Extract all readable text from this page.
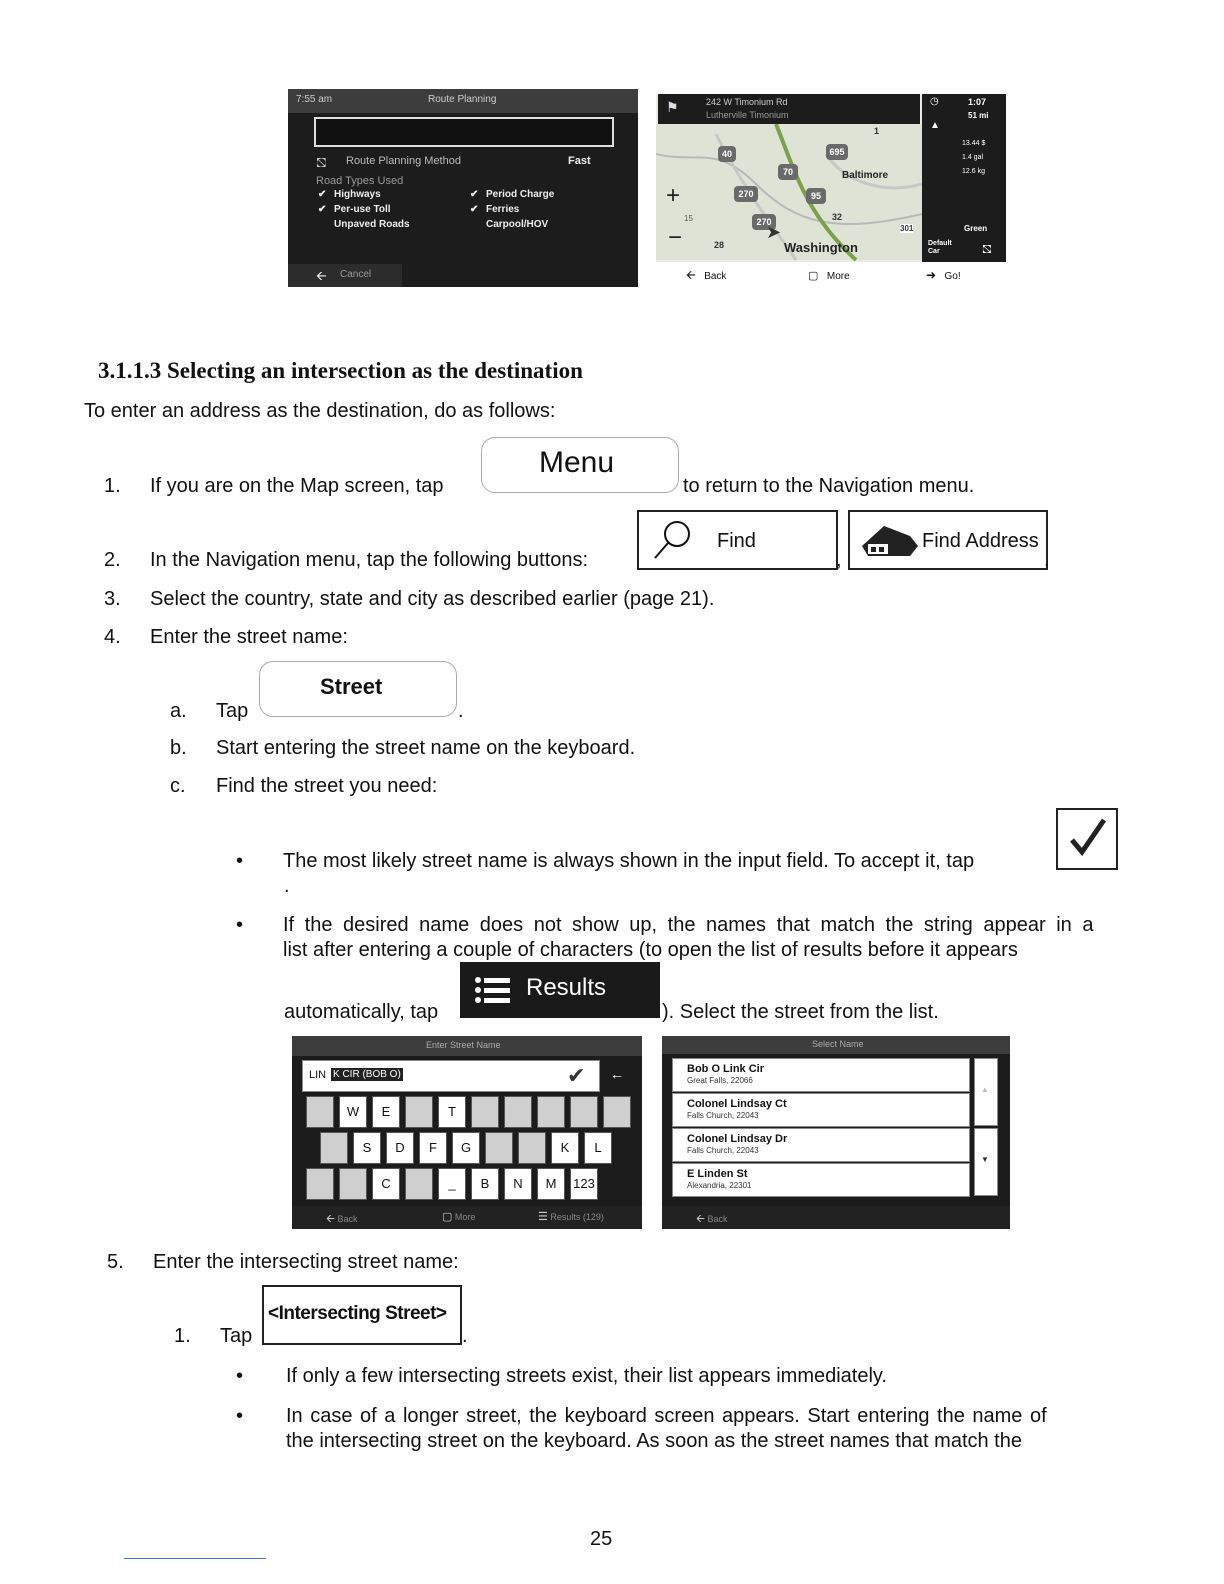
7:55 am	Route Planning
⛞ Route Planning Method	Fast
Road Types Used
✔ Highways
✔ Per-use Toll
Unpaved Roads
✔ Period Charge
✔ Ferries
Carpool/HOV
🡨 Cancel
⚑	242 W Timonium Rd
Lutherville Timonium
40	695
70
270	95
270	32
28
1
301
15
Baltimore
Washington
+
−	➤
◷	1:07
51 mi
▲
13.44 $
1.4 gal
12.6 kg
Green
Default Car	⛞
🡨 Back	▢ More	➜ Go!
3.1.1.3 Selecting an intersection as the destination
To enter an address as the destination, do as follows:
1. If you are on the Map screen, tap
Menu
to return to the Navigation menu.
2. In the Navigation menu, tap the following buttons:
Find	Find Address
,	.
3. Select the country, state and city as described earlier (page 21).
4. Enter the street name:
a. Tap
Street
.
b. Start entering the street name on the keyboard.
c. Find the street you need:
• The most likely street name is always shown in the input field. To accept it, tap
.
• If the desired name does not show up, the names that match the string appear in a
list after entering a couple of characters (to open the list of results before it appears
automatically, tap
Results
). Select the street from the list.
Enter Street Name
LIN K CIR (BOB O)	✔ ←
Q	W	E	R	T	Y	U	I	O	P
A	S	D	F	G	H	J	K	L
Z	X	C	V	_	B	N	M	123
🡨 Back	▢ More	☰ Results (129)
Select Name
Bob O Link Cir
Great Falls, 22066
Colonel Lindsay Ct
Falls Church, 22043
Colonel Lindsay Dr
Falls Church, 22043
E Linden St
Alexandria, 22301
▲
▼
🡨 Back
5. Enter the intersecting street name:
1. Tap
<Intersecting Street>
.
• If only a few intersecting streets exist, their list appears immediately.
• In case of a longer street, the keyboard screen appears. Start entering the name of
the intersecting street on the keyboard. As soon as the street names that match the
25
